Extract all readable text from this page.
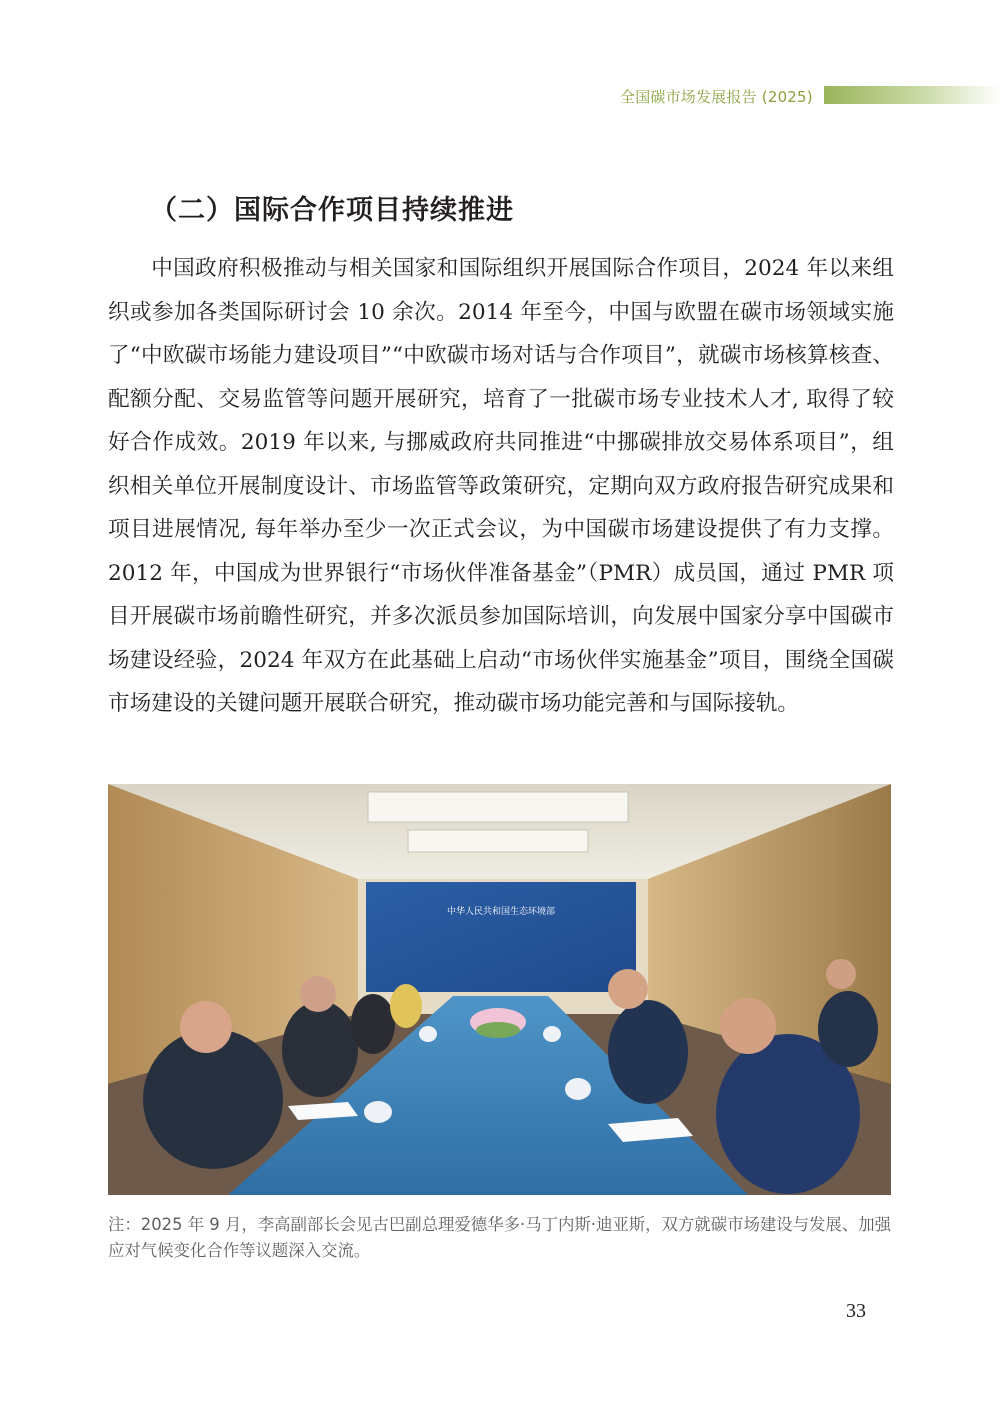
全国碳市场发展报告 (2025)
（二）国际合作项目持续推进

中国政府积极推动与相关国家和国际组织开展国际合作项目，2024 年以来组织或参加各类国际研讨会 10 余次。2014 年至今，中国与欧盟在碳市场领域实施了“中欧碳市场能力建设项目”“中欧碳市场对话与合作项目”，就碳市场核算核查、配额分配、交易监管等问题开展研究，培育了一批碳市场专业技术人才, 取得了较好合作成效。2019 年以来, 与挪威政府共同推进“中挪碳排放交易体系项目”，组织相关单位开展制度设计、市场监管等政策研究，定期向双方政府报告研究成果和项目进展情况, 每年举办至少一次正式会议，为中国碳市场建设提供了有力支撑。2012 年，中国成为世界银行“市场伙伴准备基金”（PMR）成员国，通过 PMR 项目开展碳市场前瞻性研究，并多次派员参加国际培训，向发展中国家分享中国碳市场建设经验，2024 年双方在此基础上启动“市场伙伴实施基金”项目，围绕全国碳市场建设的关键问题开展联合研究，推动碳市场功能完善和与国际接轨。

中华人民共和国生态环境部

注：2025 年 9 月，李高副部长会见古巴副总理爱德华多·马丁内斯·迪亚斯，双方就碳市场建设与发展、加强应对气候变化合作等议题深入交流。

33
